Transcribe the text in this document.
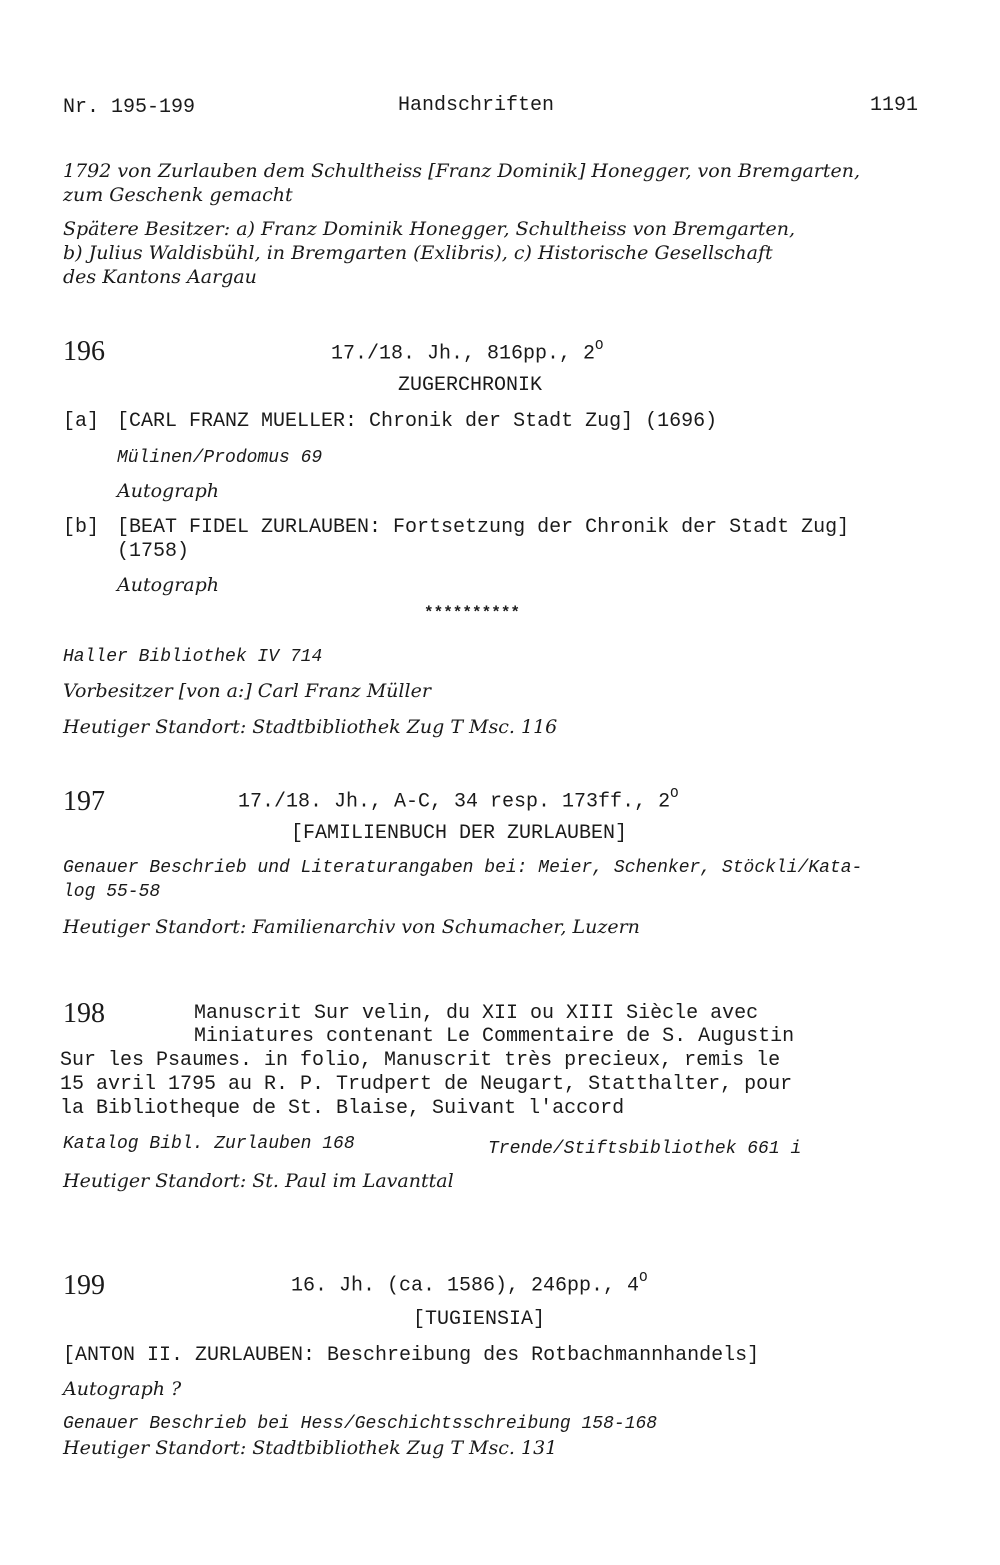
Nr. 195-199	Handschriften	1191

1792 von Zurlauben dem Schultheiss [Franz Dominik] Honegger, von Bremgarten,

zum Geschenk gemacht

Spätere Besitzer: a) Franz Dominik Honegger, Schultheiss von Bremgarten,

b) Julius Waldisbühl, in Bremgarten (Exlibris), c) Historische Gesellschaft

des Kantons Aargau

196	17./18. Jh., 816pp., $2^O$

ZUGERCHRONIK

[a] [CARL FRANZ MUELLER: Chronik der Stadt Zug] (1696)

Mülinen/Prodomus 69

Autograph

[b] [BEAT FIDEL ZURLAUBEN: Fortsetzung der Chronik der Stadt Zug]

(1758)

Autograph

**********

Haller Bibliothek IV 714

Vorbesitzer [von a:] Carl Franz Müller

Heutiger Standort: Stadtbibliothek Zug T Msc. 116

197	17./18. Jh., A-C, 34 resp. 173ff., $2^O$

[FAMILIENBUCH DER ZURLAUBEN]

Genauer Beschrieb und Literaturangaben bei: Meier, Schenker, Stöckli/Kata-

log 55-58

Heutiger Standort: Familienarchiv von Schumacher, Luzern

198	Manuscrit Sur velin, du XII ou XIII Siècle avec

Miniatures contenant Le Commentaire de S. Augustin

Sur les Psaumes. in folio, Manuscrit très precieux, remis le

15 avril 1795 au R. P. Trudpert de Neugart, Statthalter, pour

la Bibliotheque de St. Blaise, Suivant l'accord

Katalog Bibl. Zurlauben 168	Trende/Stiftsbibliothek 661 i

Heutiger Standort: St. Paul im Lavanttal

199	16. Jh. (ca. 1586), 246pp., $4^O$

[TUGIENSIA]

[ANTON II. ZURLAUBEN: Beschreibung des Rotbachmannhandels]

Autograph ?

Genauer Beschrieb bei Hess/Geschichtsschreibung 158-168

Heutiger Standort: Stadtbibliothek Zug T Msc. 131
